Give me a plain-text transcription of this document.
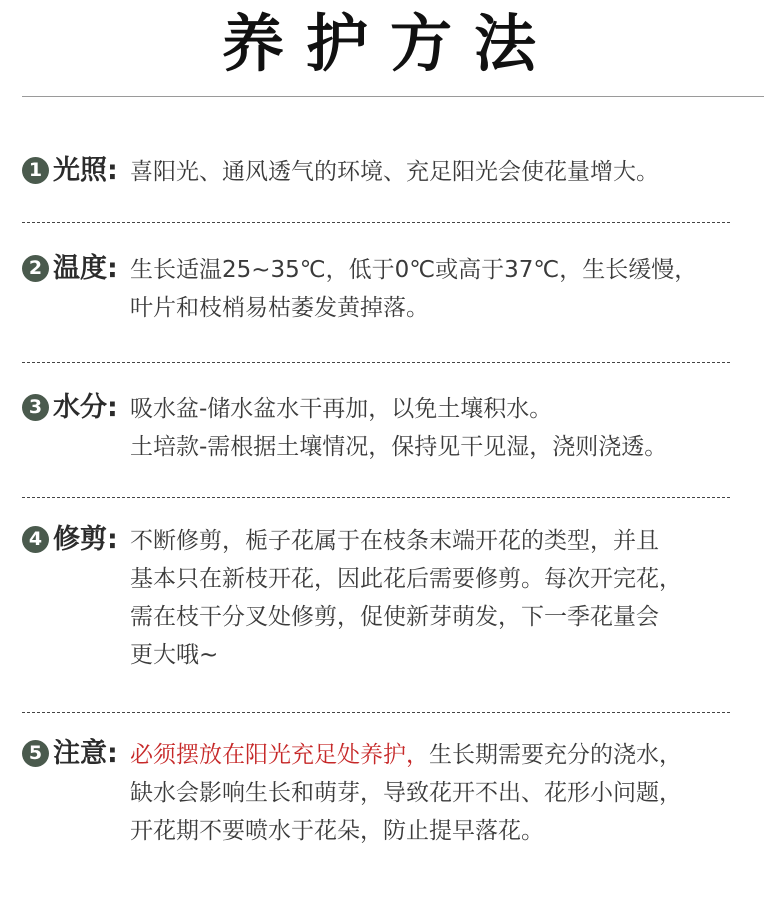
养护方法
1 光照: 喜阳光、通风透气的环境、充足阳光会使花量增大。
2 温度: 生长适温25~35℃，低于0℃或高于37℃，生长缓慢，
叶片和枝梢易枯萎发黄掉落。
3 水分: 吸水盆-储水盆水干再加，以免土壤积水。
土培款-需根据土壤情况，保持见干见湿，浇则浇透。
4 修剪: 不断修剪，栀子花属于在枝条末端开花的类型，并且
基本只在新枝开花，因此花后需要修剪。每次开完花，
需在枝干分叉处修剪，促使新芽萌发，下一季花量会
更大哦~
5 注意: 必须摆放在阳光充足处养护，生长期需要充分的浇水，
缺水会影响生长和萌芽，导致花开不出、花形小问题，
开花期不要喷水于花朵，防止提早落花。
